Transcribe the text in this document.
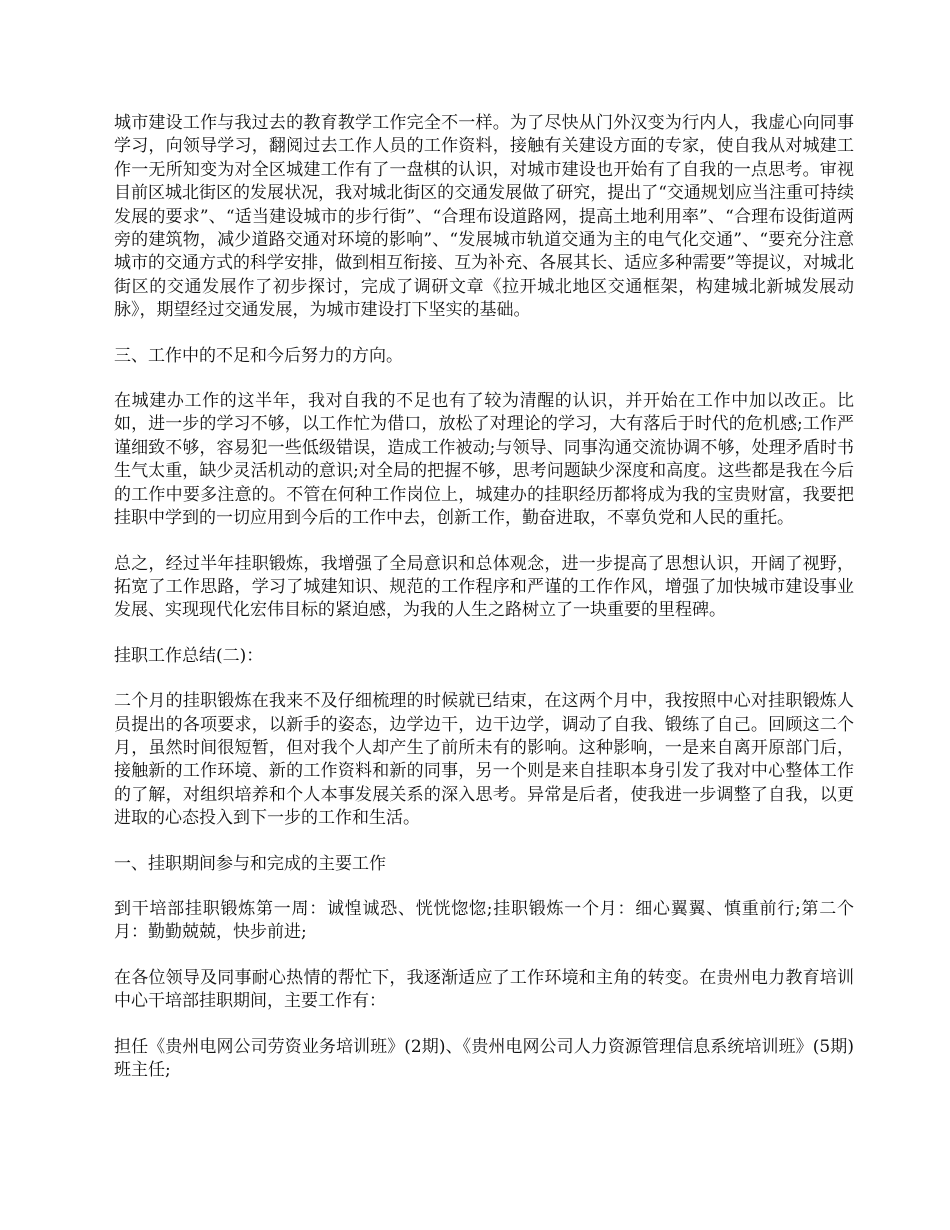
城市建设工作与我过去的教育教学工作完全不一样。为了尽快从门外汉变为行内人，我虚心向同事学习，向领导学习，翻阅过去工作人员的工作资料，接触有关建设方面的专家，使自我从对城建工作一无所知变为对全区城建工作有了一盘棋的认识，对城市建设也开始有了自我的一点思考。审视目前区城北街区的发展状况，我对城北街区的交通发展做了研究，提出了“交通规划应当注重可持续发展的要求”、“适当建设城市的步行街”、“合理布设道路网，提高土地利用率”、“合理布设街道两旁的建筑物，减少道路交通对环境的影响”、“发展城市轨道交通为主的电气化交通”、“要充分注意城市的交通方式的科学安排，做到相互衔接、互为补充、各展其长、适应多种需要”等提议，对城北街区的交通发展作了初步探讨，完成了调研文章《拉开城北地区交通框架，构建城北新城发展动脉》，期望经过交通发展，为城市建设打下坚实的基础。

三、工作中的不足和今后努力的方向。

在城建办工作的这半年，我对自我的不足也有了较为清醒的认识，并开始在工作中加以改正。比如，进一步的学习不够，以工作忙为借口，放松了对理论的学习，大有落后于时代的危机感;工作严谨细致不够，容易犯一些低级错误，造成工作被动;与领导、同事沟通交流协调不够，处理矛盾时书生气太重，缺少灵活机动的意识;对全局的把握不够，思考问题缺少深度和高度。这些都是我在今后的工作中要多注意的。不管在何种工作岗位上，城建办的挂职经历都将成为我的宝贵财富，我要把挂职中学到的一切应用到今后的工作中去，创新工作，勤奋进取，不辜负党和人民的重托。

总之，经过半年挂职锻炼，我增强了全局意识和总体观念，进一步提高了思想认识，开阔了视野，拓宽了工作思路，学习了城建知识、规范的工作程序和严谨的工作作风，增强了加快城市建设事业发展、实现现代化宏伟目标的紧迫感，为我的人生之路树立了一块重要的里程碑。

挂职工作总结(二)：

二个月的挂职锻炼在我来不及仔细梳理的时候就已结束，在这两个月中，我按照中心对挂职锻炼人员提出的各项要求，以新手的姿态，边学边干，边干边学，调动了自我、锻练了自己。回顾这二个月，虽然时间很短暂，但对我个人却产生了前所未有的影响。这种影响，一是来自离开原部门后，接触新的工作环境、新的工作资料和新的同事，另一个则是来自挂职本身引发了我对中心整体工作的了解，对组织培养和个人本事发展关系的深入思考。异常是后者，使我进一步调整了自我，以更进取的心态投入到下一步的工作和生活。

一、挂职期间参与和完成的主要工作

到干培部挂职锻炼第一周：诚惶诚恐、恍恍惚惚;挂职锻炼一个月：细心翼翼、慎重前行;第二个月：勤勤兢兢，快步前进;

在各位领导及同事耐心热情的帮忙下，我逐渐适应了工作环境和主角的转变。在贵州电力教育培训中心干培部挂职期间，主要工作有：

担任《贵州电网公司劳资业务培训班》(2期)、《贵州电网公司人力资源管理信息系统培训班》(5期)班主任;
